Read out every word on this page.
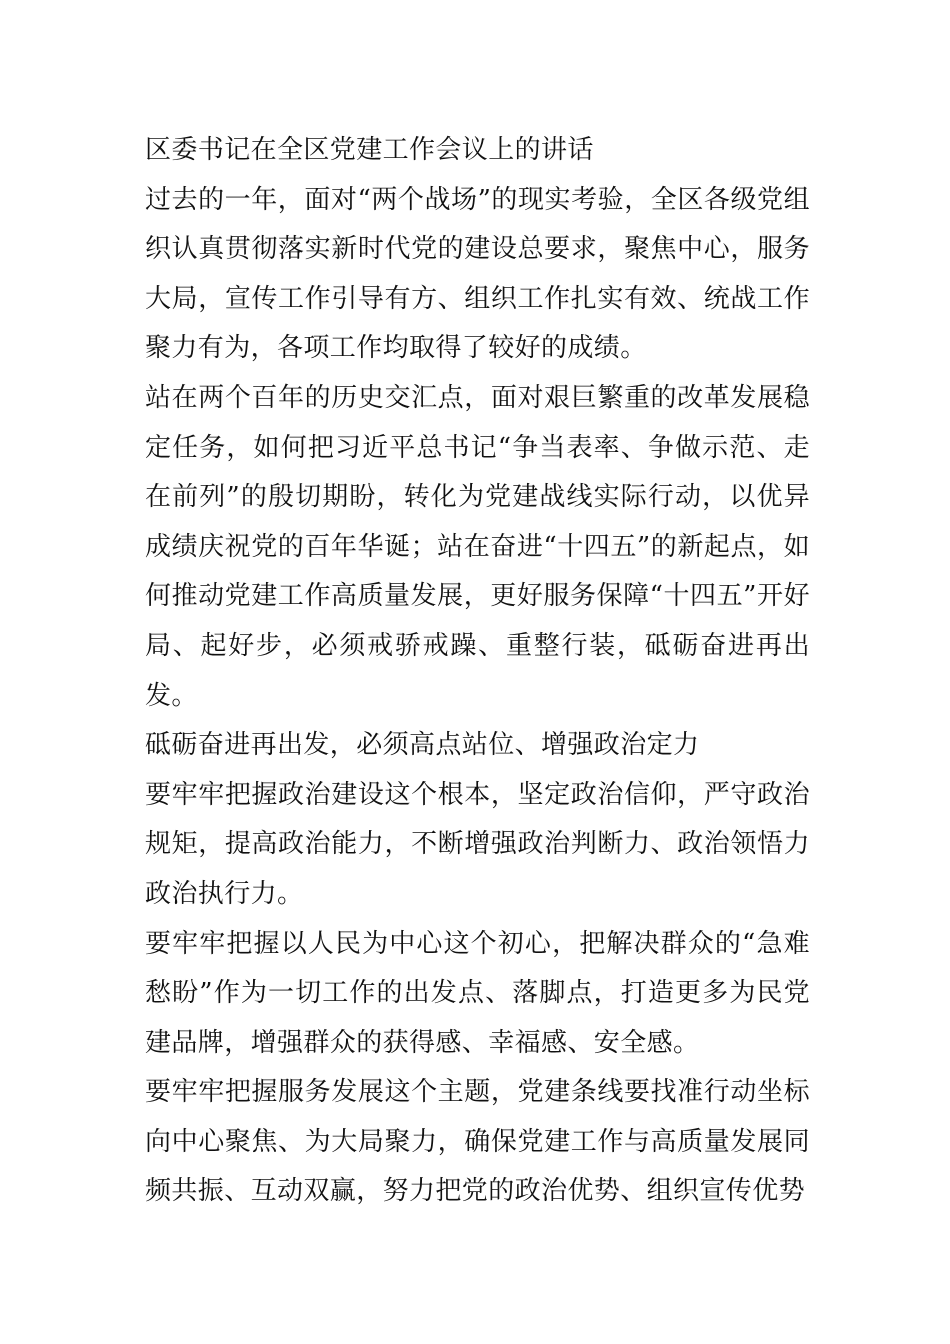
区委书记在全区党建工作会议上的讲话

过去的一年，面对“两个战场”的现实考验，全区各级党组织认真贯彻落实新时代党的建设总要求，聚焦中心，服务大局，宣传工作引导有方、组织工作扎实有效、统战工作聚力有为，各项工作均取得了较好的成绩。

站在两个百年的历史交汇点，面对艰巨繁重的改革发展稳定任务，如何把习近平总书记“争当表率、争做示范、走在前列”的殷切期盼，转化为党建战线实际行动，以优异成绩庆祝党的百年华诞；站在奋进“十四五”的新起点，如何推动党建工作高质量发展，更好服务保障“十四五”开好局、起好步，必须戒骄戒躁、重整行装，砥砺奋进再出发。

砥砺奋进再出发，必须高点站位、增强政治定力

要牢牢把握政治建设这个根本，坚定政治信仰，严守政治规矩，提高政治能力，不断增强政治判断力、政治领悟力政治执行力。

要牢牢把握以人民为中心这个初心，把解决群众的“急难愁盼”作为一切工作的出发点、落脚点，打造更多为民党建品牌，增强群众的获得感、幸福感、安全感。

要牢牢把握服务发展这个主题，党建条线要找准行动坐标向中心聚焦、为大局聚力，确保党建工作与高质量发展同频共振、互动双赢，努力把党的政治优势、组织宣传优势
